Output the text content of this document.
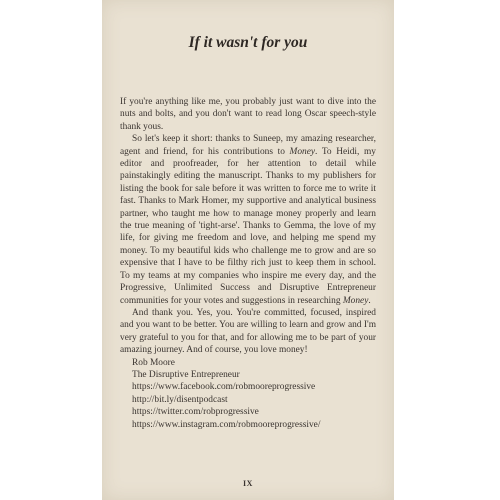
If it wasn't for you

If you're anything like me, you probably just want to dive into the nuts and bolts, and you don't want to read long Oscar speech-style thank yous.

So let's keep it short: thanks to Suneep, my amazing researcher, agent and friend, for his contributions to Money. To Heidi, my editor and proofreader, for her attention to detail while painstakingly editing the manuscript. Thanks to my publishers for listing the book for sale before it was written to force me to write it fast. Thanks to Mark Homer, my supportive and analytical business partner, who taught me how to manage money properly and learn the true meaning of 'tight-arse'. Thanks to Gemma, the love of my life, for giving me freedom and love, and helping me spend my money. To my beautiful kids who challenge me to grow and are so expensive that I have to be filthy rich just to keep them in school. To my teams at my companies who inspire me every day, and the Progressive, Unlimited Success and Disruptive Entrepreneur communities for your votes and suggestions in researching Money.

And thank you. Yes, you. You're committed, focused, inspired and you want to be better. You are willing to learn and grow and I'm very grateful to you for that, and for allowing me to be part of your amazing journey. And of course, you love money!

Rob Moore
The Disruptive Entrepreneur
https://www.facebook.com/robmooreprogressive
http://bit.ly/disentpodcast
https://twitter.com/robprogressive
https://www.instagram.com/robmooreprogressive/
IX
